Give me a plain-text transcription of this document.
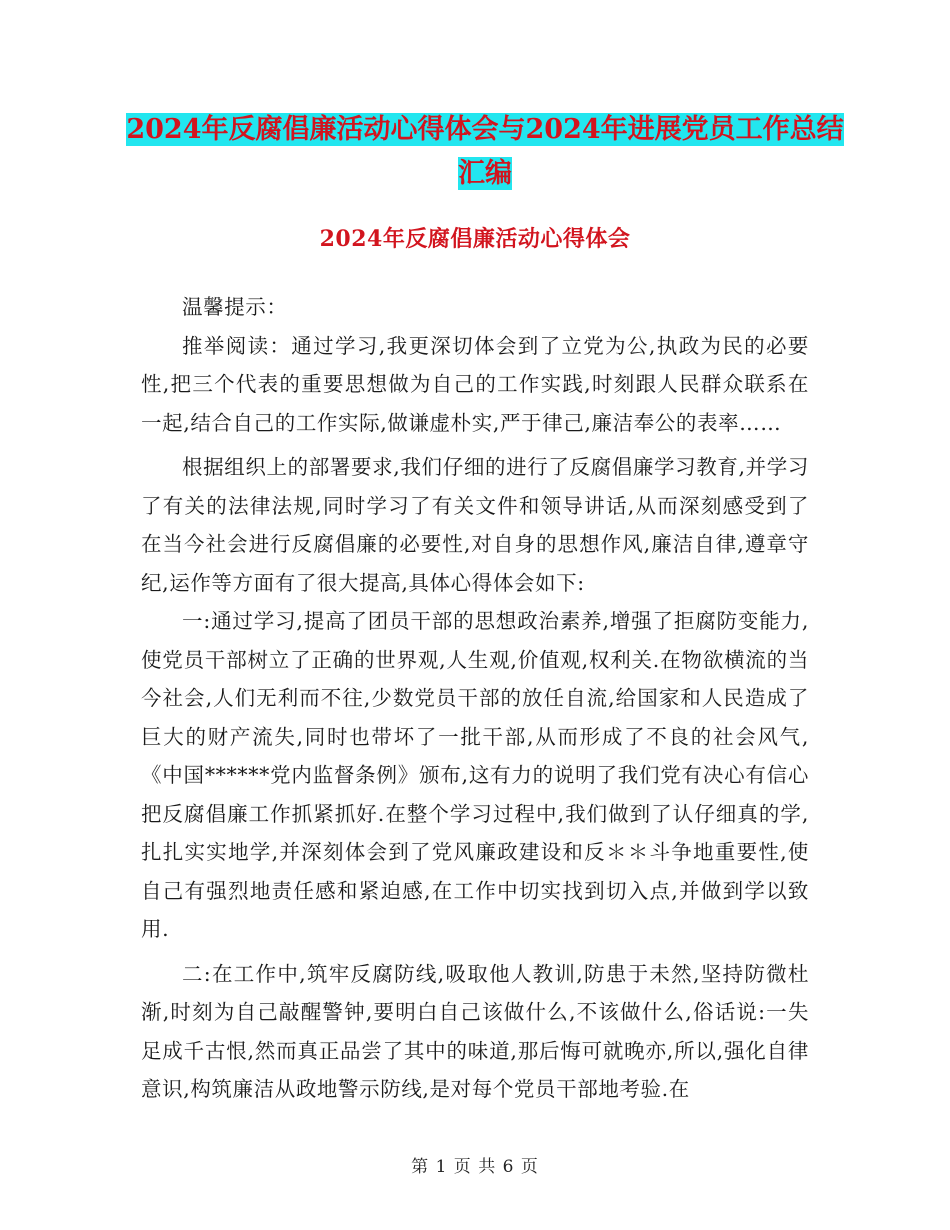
2024年反腐倡廉活动心得体会与2024年进展党员工作总结汇编
2024年反腐倡廉活动心得体会

温馨提示：

推举阅读：通过学习,我更深切体会到了立党为公,执政为民的必要性,把三个代表的重要思想做为自己的工作实践,时刻跟人民群众联系在一起,结合自己的工作实际,做谦虚朴实,严于律己,廉洁奉公的表率……

根据组织上的部署要求,我们仔细的进行了反腐倡廉学习教育,并学习了有关的法律法规,同时学习了有关文件和领导讲话,从而深刻感受到了在当今社会进行反腐倡廉的必要性,对自身的思想作风,廉洁自律,遵章守纪,运作等方面有了很大提高,具体心得体会如下:

一:通过学习,提高了团员干部的思想政治素养,增强了拒腐防变能力,使党员干部树立了正确的世界观,人生观,价值观,权利关.在物欲横流的当今社会,人们无利而不往,少数党员干部的放任自流,给国家和人民造成了巨大的财产流失,同时也带坏了一批干部,从而形成了不良的社会风气,《中国******党内监督条例》颁布,这有力的说明了我们党有决心有信心把反腐倡廉工作抓紧抓好.在整个学习过程中,我们做到了认仔细真的学,扎扎实实地学,并深刻体会到了党风廉政建设和反＊＊斗争地重要性,使自己有强烈地责任感和紧迫感,在工作中切实找到切入点,并做到学以致用.

二:在工作中,筑牢反腐防线,吸取他人教训,防患于未然,坚持防微杜渐,时刻为自己敲醒警钟,要明白自己该做什么,不该做什么,俗话说:一失足成千古恨,然而真正品尝了其中的味道,那后悔可就晚亦,所以,强化自律意识,构筑廉洁从政地警示防线,是对每个党员干部地考验.在

第 1 页 共 6 页
